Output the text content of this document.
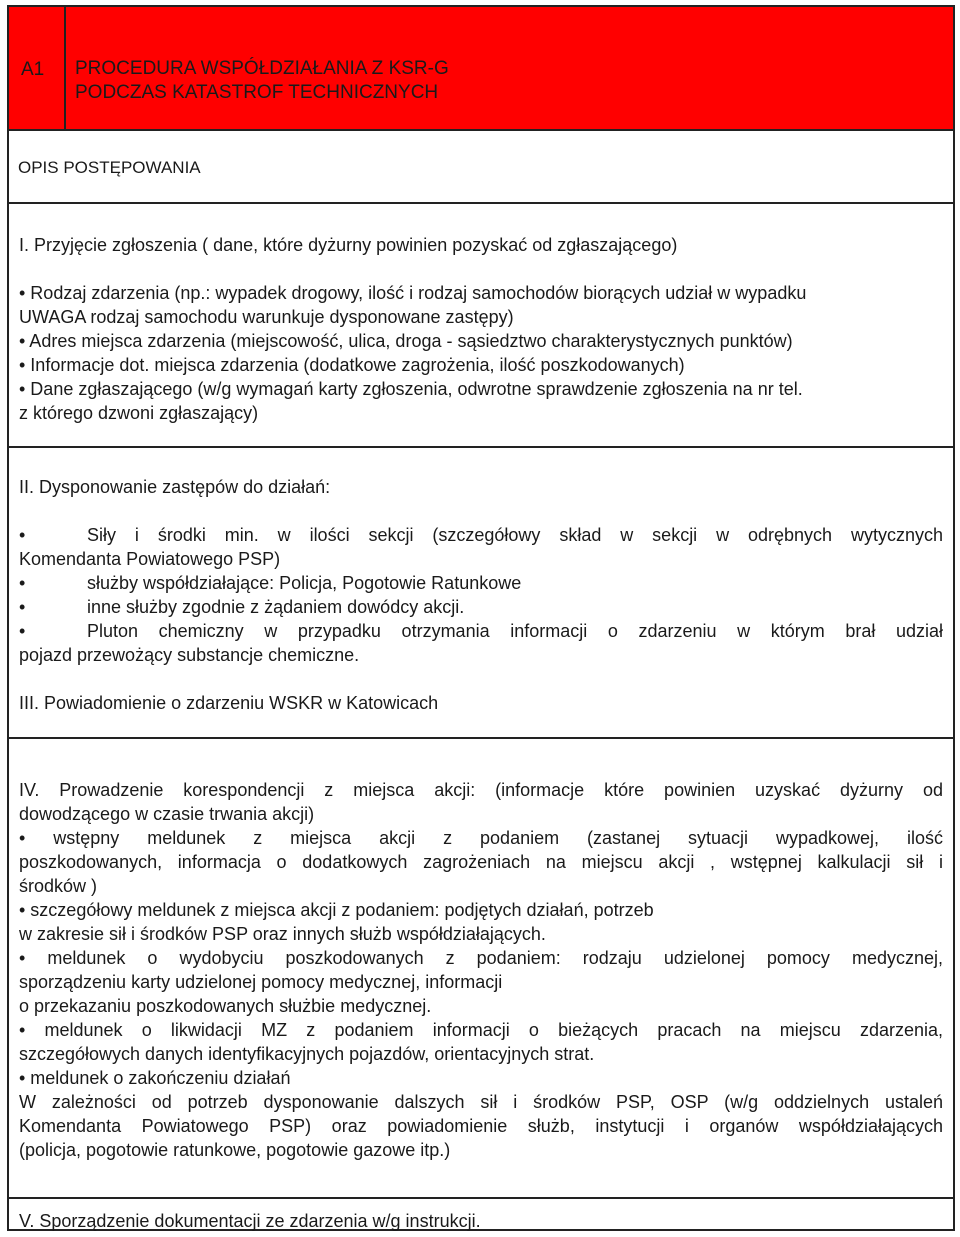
A1 PROCEDURA WSPÓŁDZIAŁANIA Z KSR-G
PODCZAS KATASTROF TECHNICZNYCH
OPIS POSTĘPOWANIA
I. Przyjęcie zgłoszenia ( dane, które dyżurny powinien pozyskać od zgłaszającego)
• Rodzaj zdarzenia (np.: wypadek drogowy, ilość i rodzaj samochodów biorących udział w wypadku
UWAGA rodzaj samochodu warunkuje dysponowane zastępy)
• Adres miejsca zdarzenia (miejscowość, ulica, droga - sąsiedztwo charakterystycznych punktów)
• Informacje dot. miejsca zdarzenia (dodatkowe zagrożenia, ilość poszkodowanych)
• Dane zgłaszającego (w/g wymagań karty zgłoszenia, odwrotne sprawdzenie zgłoszenia na nr tel.
z którego dzwoni zgłaszający)
II. Dysponowanie zastępów do działań:
•	Siły i środki min. w ilości sekcji (szczegółowy skład w sekcji w odrębnych wytycznych
Komendanta Powiatowego PSP)
•	służby współdziałające: Policja, Pogotowie Ratunkowe
•	inne służby zgodnie z żądaniem dowódcy akcji.
•	Pluton chemiczny w przypadku otrzymania informacji o zdarzeniu w którym brał udział
pojazd przewożący substancje chemiczne.
III. Powiadomienie o zdarzeniu WSKR w Katowicach
IV. Prowadzenie korespondencji z miejsca akcji: (informacje które powinien uzyskać dyżurny od
dowodzącego w czasie trwania akcji)
• wstępny meldunek z miejsca akcji z podaniem (zastanej sytuacji wypadkowej, ilość
poszkodowanych, informacja o dodatkowych zagrożeniach na miejscu akcji , wstępnej kalkulacji sił i
środków )
• szczegółowy meldunek z miejsca akcji z podaniem: podjętych działań, potrzeb
w zakresie sił i środków PSP oraz innych służb współdziałających.
• meldunek o wydobyciu poszkodowanych z podaniem: rodzaju udzielonej pomocy medycznej,
sporządzeniu karty udzielonej pomocy medycznej, informacji
o przekazaniu poszkodowanych służbie medycznej.
• meldunek o likwidacji MZ z podaniem informacji o bieżących pracach na miejscu zdarzenia,
szczegółowych danych identyfikacyjnych pojazdów, orientacyjnych strat.
• meldunek o zakończeniu działań
W zależności od potrzeb dysponowanie dalszych sił i środków PSP, OSP (w/g oddzielnych ustaleń
Komendanta Powiatowego PSP) oraz powiadomienie służb, instytucji i organów współdziałających
(policja, pogotowie ratunkowe, pogotowie gazowe itp.)
V. Sporządzenie dokumentacji ze zdarzenia w/g instrukcji.
